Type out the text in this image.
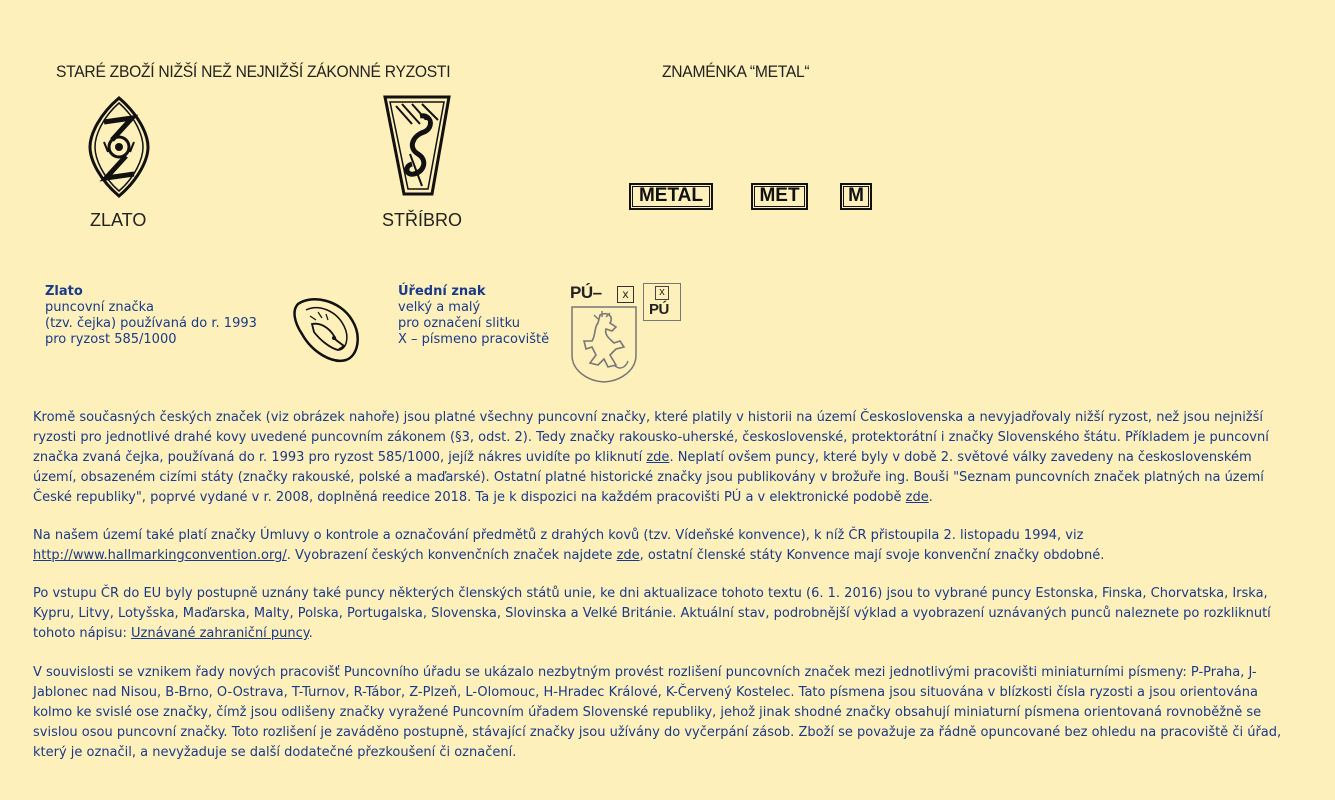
STARÉ ZBOŽÍ NIŽŠÍ NEŽ NEJNIŽŠÍ ZÁKONNÉ RYZOSTI	ZNAMÉNKA “METAL“
ZLATO	STŘÍBRO
METAL	MET	M
Zlato
puncovní značka
(tzv. čejka) používaná do r. 1993
pro ryzost 585/1000
Úřední znak
velký a malý
pro označení slitku
X – písmeno pracoviště
PÚ–	x	x
PÚ
Kromě současných českých značek (viz obrázek nahoře) jsou platné všechny puncovní značky, které platily v historii na území Československa a nevyjadřovaly nižší ryzost, než jsou nejnižší ryzosti pro jednotlivé drahé kovy uvedené puncovním zákonem (§3, odst. 2). Tedy značky rakousko-uherské, československé, protektorátní i značky Slovenského štátu. Příkladem je puncovní značka zvaná čejka, používaná do r. 1993 pro ryzost 585/1000, jejíž nákres uvidíte po kliknutí zde. Neplatí ovšem puncy, které byly v době 2. světové války zavedeny na československém území, obsazeném cizími státy (značky rakouské, polské a maďarské). Ostatní platné historické značky jsou publikovány v brožuře ing. Bouši "Seznam puncovních značek platných na území České republiky", poprvé vydané v r. 2008, doplněná reedice 2018. Ta je k dispozici na každém pracovišti PÚ a v elektronické podobě zde.
Na našem území také platí značky Úmluvy o kontrole a označování předmětů z drahých kovů (tzv. Vídeňské konvence), k níž ČR přistoupila 2. listopadu 1994, viz http://www.hallmarkingconvention.org/. Vyobrazení českých konvenčních značek najdete zde, ostatní členské státy Konvence mají svoje konvenční značky obdobné.
Po vstupu ČR do EU byly postupně uznány také puncy některých členských států unie, ke dni aktualizace tohoto textu (6. 1. 2016) jsou to vybrané puncy Estonska, Finska, Chorvatska, Irska, Kypru, Litvy, Lotyšska, Maďarska, Malty, Polska, Portugalska, Slovenska, Slovinska a Velké Británie. Aktuální stav, podrobnější výklad a vyobrazení uznávaných punců naleznete po rozkliknutí tohoto nápisu: Uznávané zahraniční puncy.
V souvislosti se vznikem řady nových pracovišť Puncovního úřadu se ukázalo nezbytným provést rozlišení puncovních značek mezi jednotlivými pracovišti miniaturními písmeny: P-Praha, J-Jablonec nad Nisou, B-Brno, O-Ostrava, T-Turnov, R-Tábor, Z-Plzeň, L-Olomouc, H-Hradec Králové, K-Červený Kostelec. Tato písmena jsou situována v blízkosti čísla ryzosti a jsou orientována kolmo ke svislé ose značky, čímž jsou odlišeny značky vyražené Puncovním úřadem Slovenské republiky, jehož jinak shodné značky obsahují miniaturní písmena orientovaná rovnoběžně se svislou osou puncovní značky. Toto rozlišení je zaváděno postupně, stávající značky jsou užívány do vyčerpání zásob. Zboží se považuje za řádně opuncované bez ohledu na pracoviště či úřad, který je označil, a nevyžaduje se další dodatečné přezkoušení či označení.
